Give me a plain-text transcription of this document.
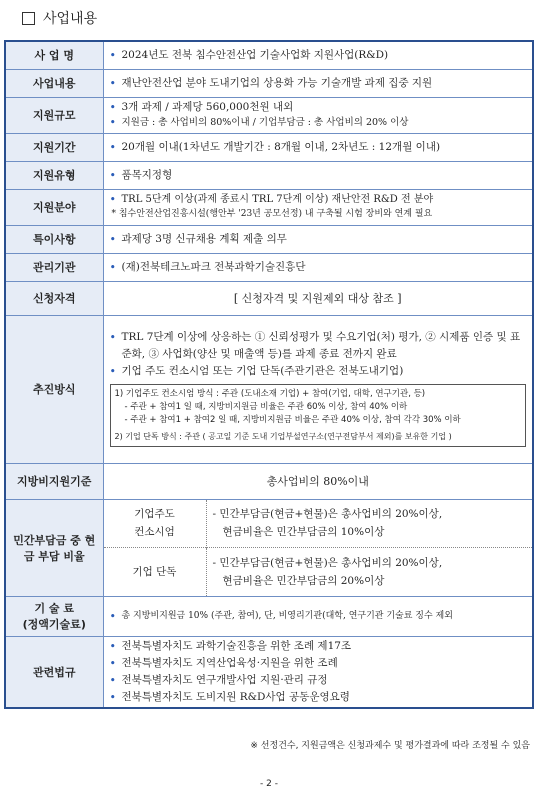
사업내용
사 업 명	• 2024년도 전북 침수안전산업 기술사업화 지원사업(R&D)

사업내용	• 재난안전산업 분야 도내기업의 상용화 가능 기술개발 과제 집중 지원

지원규모	
• 3개 과제 / 과제당 560,000천원 내외
• 지원금 : 총 사업비의 80%이내 / 기업부담금 : 총 사업비의 20% 이상

지원기간	• 20개월 이내(1차년도 개발기간 : 8개월 이내, 2차년도 : 12개월 이내)

지원유형	• 품목지정형

지원분야	
• TRL 5단계 이상(과제 종료시 TRL 7단계 이상) 재난안전 R&D 전 분야
* 침수안전산업진흥시설(행안부 '23년 공모선정) 내 구축될 시험 장비와 연계 필요

특이사항	• 과제당 3명 신규채용 계획 제출 의무

관리기관	• (재)전북테크노파크 전북과학기술진흥단

신청자격	[ 신청자격 및 지원제외 대상 참조 ]
추진방식	
• TRL 7단계 이상에 상응하는 ① 신뢰성평가 및 수요기업(처) 평가, ② 시제품 인증 및 표준화, ③ 사업화(양산 및 매출액 등)를 과제 종료 전까지 완료
• 기업 주도 컨소시엄 또는 기업 단독(주관기관은 전북도내기업)
1) 기업주도 컨소시엄 방식 : 주관 (도내소재 기업) + 참여(기업, 대학, 연구기관, 등)
- 주관 + 참여1 일 때, 지방비지원금 비율은 주관 60% 이상, 참여 40% 이하
- 주관 + 참여1 + 참여2 일 때, 지방비지원금 비율은 주관 40% 이상, 참여 각각 30% 이하
2) 기업 단독 방식 : 주관 ( 공고일 기준 도내 기업부설연구소(연구전담부서 제외)를 보유한 기업 )

지방비지원기준	총사업비의 80%이내
민간부담금 중 현금 부담 비율	
기업주도
컨소시엄

- 민간부담금(현금+현물)은 총사업비의 20%이상,
현금비율은 민간부담금의 10%이상

기업 단독	
- 민간부담금(현금+현물)은 총사업비의 20%이상,
현금비율은 민간부담금의 20%이상

기 술 료
(정액기술료)

• 총 지방비지원금 10% (주관, 참여), 단, 비영리기관(대학, 연구기관 기술료 징수 제외

관련법규	
• 전북특별자치도 과학기술진흥을 위한 조례 제17조
• 전북특별자치도 지역산업육성·지원을 위한 조례
• 전북특별자치도 연구개발사업 지원·관리 규정
• 전북특별자치도 도비지원 R&D사업 공동운영요령
※ 선정건수, 지원금액은 신청과제수 및 평가결과에 따라 조정될 수 있음
- 2 -
